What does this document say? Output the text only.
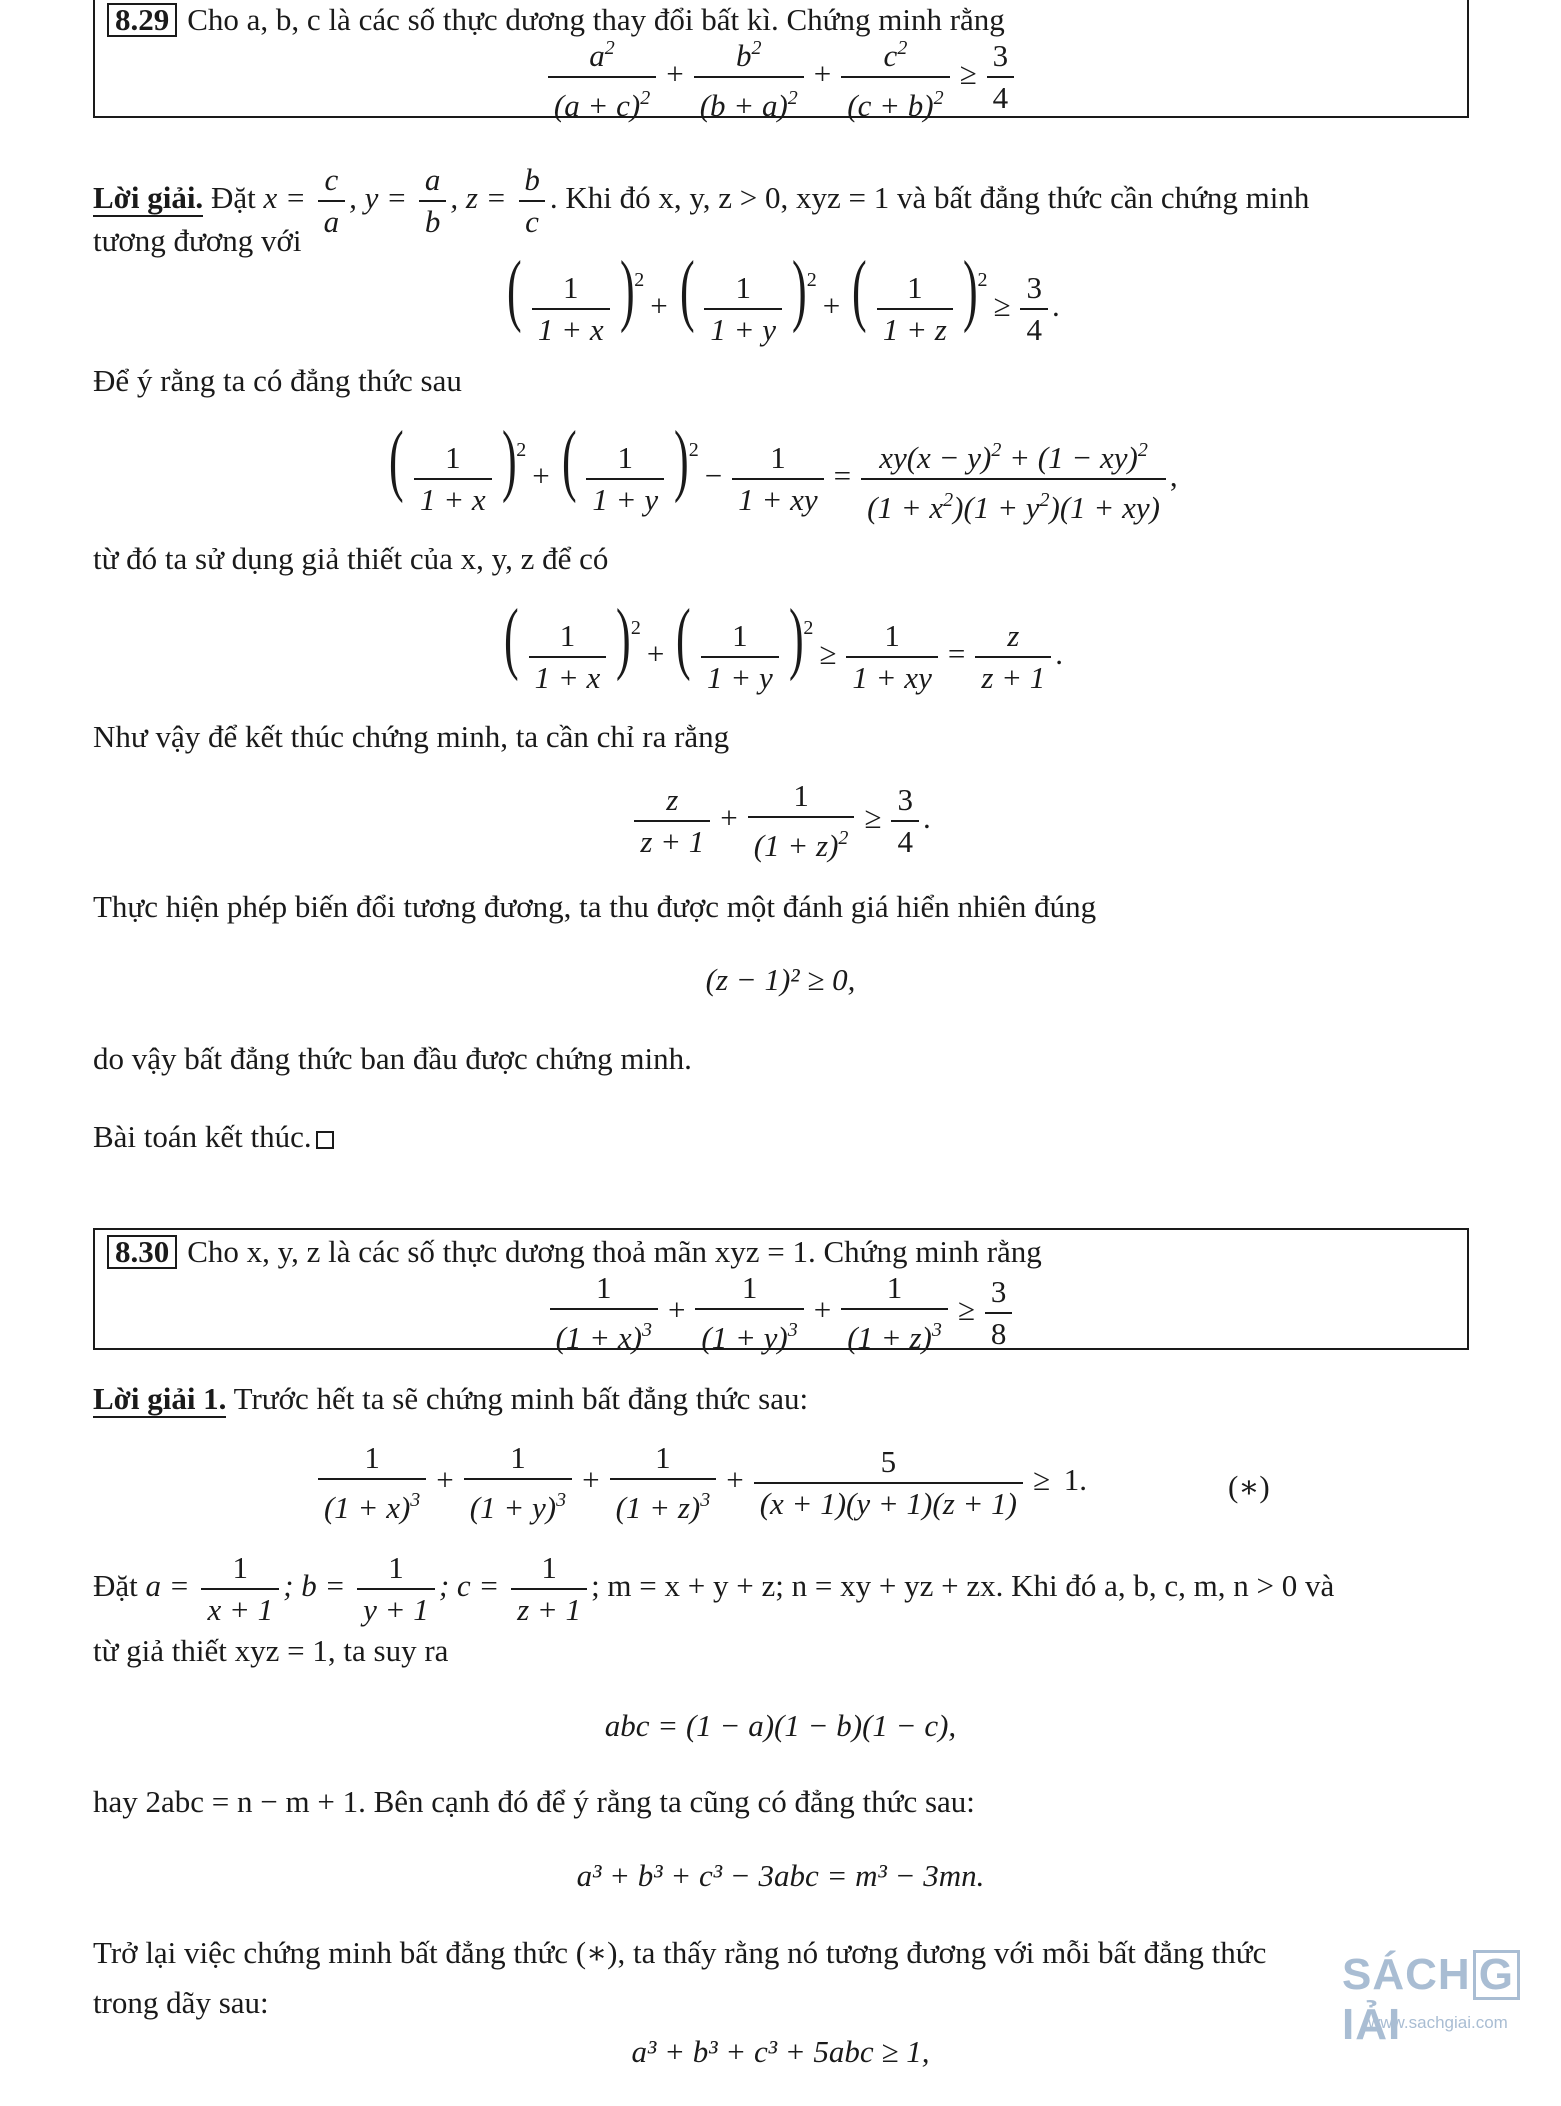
8.29 Cho a, b, c là các số thực dương thay đổi bất kì. Chứng minh rằng
$\frac{a^2}{(a + c)^2} + \frac{b^2}{(b + a)^2} + \frac{c^2}{(c + b)^2} \ge \frac{3}{4}$
Lời giải. Đặt $x = \frac{c}{a}$ , $y = \frac{a}{b}$ , $z = \frac{b}{c}$ . Khi đó x, y, z > 0, xyz = 1 và bất đẳng thức cần chứng minh
tương đương với
( $\frac{1}{1 + x} )^2+$ ( $\frac{1}{1 + y} )^2+$ ( $\frac{1}{1 + z} )^2\ge \frac{3}{4}$ .
Để ý rằng ta có đẳng thức sau
( $\frac{1}{1 + x} )^2+$ ( $\frac{1}{1 + y} )^2- \frac{1}{1 + xy} = \frac{xy(x - y)^2 + (1 - xy)^2}{(1 + x^2)(1 + y^2)(1 + xy)}$ ,
từ đó ta sử dụng giả thiết của x, y, z để có
( $\frac{1}{1 + x} )^2+$ ( $\frac{1}{1 + y} )^2\ge \frac{1}{1 + xy} = \frac{z}{z + 1}$ .
Như vậy để kết thúc chứng minh, ta cần chỉ ra rằng
$\frac{z}{z + 1} + \frac{1}{(1 + z)^2} \ge \frac{3}{4}$ .
Thực hiện phép biến đổi tương đương, ta thu được một đánh giá hiển nhiên đúng
(z − 1)² ≥ 0,
do vậy bất đẳng thức ban đầu được chứng minh.
Bài toán kết thúc.
8.30 Cho x, y, z là các số thực dương thoả mãn xyz = 1. Chứng minh rằng
$\frac{1}{(1 + x)^3} + \frac{1}{(1 + y)^3} + \frac{1}{(1 + z)^3} \ge \frac{3}{8}$
Lời giải 1. Trước hết ta sẽ chứng minh bất đẳng thức sau:
$\frac{1}{(1 + x)^3} + \frac{1}{(1 + y)^3} + \frac{1}{(1 + z)^3} + \frac{5}{(x + 1)(y + 1)(z + 1)} \ge 1$.	(∗)
Đặt $a = \frac{1}{x + 1}$ ; $b = \frac{1}{y + 1}$ ; $c = \frac{1}{z + 1}$ ; m = x + y + z; n = xy + yz + zx. Khi đó a, b, c, m, n > 0 và
từ giả thiết xyz = 1, ta suy ra
abc = (1 − a)(1 − b)(1 − c),
hay 2abc = n − m + 1. Bên cạnh đó để ý rằng ta cũng có đẳng thức sau:
a³ + b³ + c³ − 3abc = m³ − 3mn.
Trở lại việc chứng minh bất đẳng thức (∗), ta thấy rằng nó tương đương với mỗi bất đẳng thức
trong dãy sau:
a³ + b³ + c³ + 5abc ≥ 1,
SÁCH GIẢI
www.sachgiai.com
